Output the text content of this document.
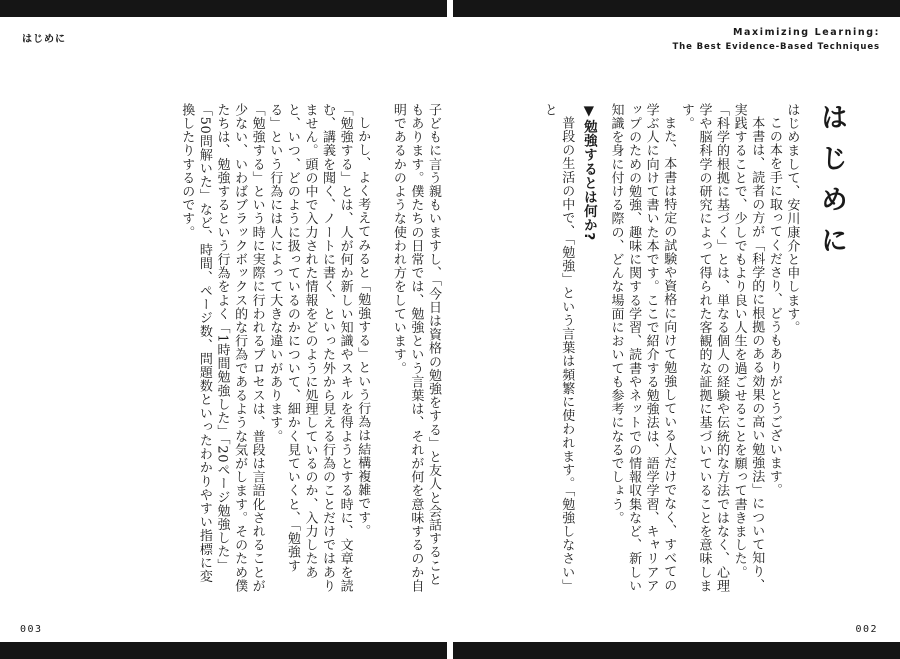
はじめに
Maximizing Learning:
The Best Evidence-Based Techniques

はじめに

はじめまして、安川康介と申します。

この本を手に取ってくださり、どうもありがとうございます。

本書は、読者の方が「科学的に根拠のある効果の高い勉強法」について知り、実践することで、少しでもより良い人生を過ごせることを願って書きました。

「科学的根拠に基づく」とは、単なる個人の経験や伝統的な方法ではなく、心理学や脳科学の研究によって得られた客観的な証拠に基づいていることを意味します。

また、本書は特定の試験や資格に向けて勉強している人だけでなく、すべての学ぶ人に向けて書いた本です。ここで紹介する勉強法は、語学学習、キャリアアップのための勉強、趣味に関する学習、読書やネットでの情報収集など、新しい知識を身に付ける際の、どんな場面においても参考になるでしょう。

▼勉強するとは何か?

普段の生活の中で、「勉強」という言葉は頻繁に使われます。「勉強しなさい」と

子どもに言う親もいますし、「今日は資格の勉強をする」と友人と会話することもあります。僕たちの日常では、勉強という言葉は、それが何を意味するのか自明であるかのような使われ方をしています。

しかし、よく考えてみると「勉強する」という行為は結構複雑です。

「勉強する」とは、人が何か新しい知識やスキルを得ようとする時に、文章を読む、講義を聞く、ノートに書く、といった外から見える行為のことだけではありません。頭の中で入力された情報をどのように処理しているのか、入力したあと、いつ、どのように扱っているのかについて、細かく見ていくと、「勉強する」という行為には人によって大きな違いがあります。

「勉強する」という時に実際に行われるプロセスは、普段は言語化されることが少ない、いわばブラックボックス的な行為であるような気がします。そのため僕たちは、勉強するという行為をよく「1時間勉強した」「20ページ勉強した」「50問解いた」など、時間、ページ数、問題数といったわかりやすい指標に変換したりするのです。

003	002
